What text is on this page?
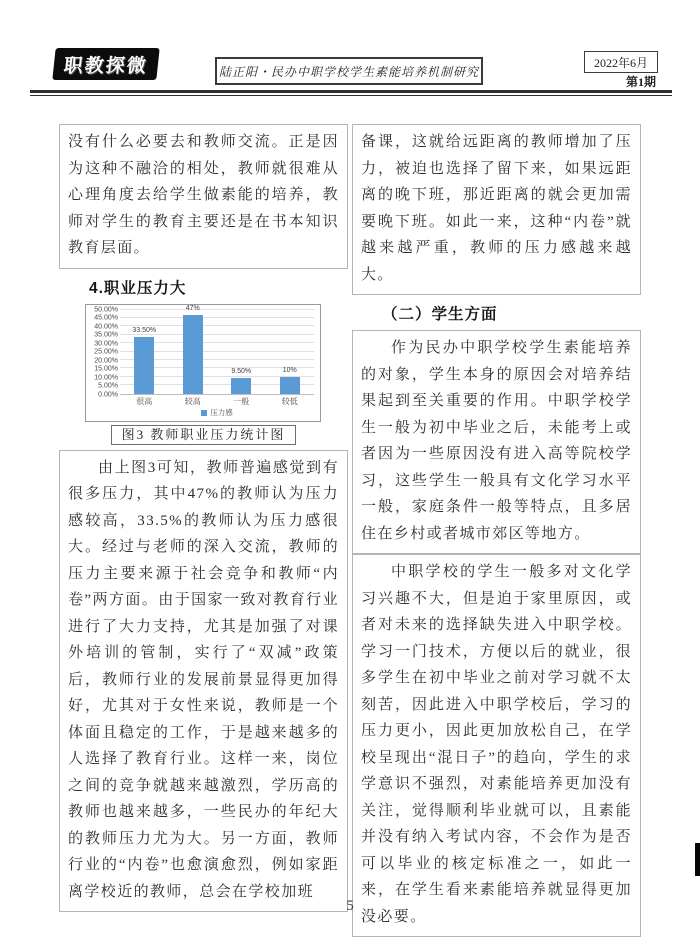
职教探微	陆正阳・民办中职学校学生素能培养机制研究
2022年6月
第1期
没有什么必要去和教师交流。正是因为这种不融洽的相处，教师就很难从心理角度去给学生做素能的培养，教师对学生的教育主要还是在书本知识教育层面。
4.职业压力大
0.00%
5.00%
10.00%
15.00%
20.00%
25.00%
30.00%
35.00%
40.00%
45.00%
50.00%
33.50%
47%
9.50%	10%
很高	较高	一般	较低
压力感
图3 教师职业压力统计图
由上图3可知，教师普遍感觉到有很多压力，其中47%的教师认为压力感较高，33.5%的教师认为压力感很大。经过与老师的深入交流，教师的压力主要来源于社会竞争和教师“内卷”两方面。由于国家一致对教育行业进行了大力支持，尤其是加强了对课外培训的管制，实行了“双减”政策后，教师行业的发展前景显得更加得好，尤其对于女性来说，教师是一个体面且稳定的工作，于是越来越多的人选择了教育行业。这样一来，岗位之间的竞争就越来越激烈，学历高的教师也越来越多，一些民办的年纪大的教师压力尤为大。另一方面，教师行业的“内卷”也愈演愈烈，例如家距离学校近的教师，总会在学校加班
备课，这就给远距离的教师增加了压力，被迫也选择了留下来，如果远距离的晚下班，那近距离的就会更加需要晚下班。如此一来，这种“内卷”就越来越严重，教师的压力感越来越大。
（二）学生方面
作为民办中职学校学生素能培养的对象，学生本身的原因会对培养结果起到至关重要的作用。中职学校学生一般为初中毕业之后，未能考上或者因为一些原因没有进入高等院校学习，这些学生一般具有文化学习水平一般，家庭条件一般等特点，且多居住在乡村或者城市郊区等地方。
中职学校的学生一般多对文化学习兴趣不大，但是迫于家里原因，或者对未来的选择缺失进入中职学校。学习一门技术，方便以后的就业，很多学生在初中毕业之前对学习就不太刻苦，因此进入中职学校后，学习的压力更小，因此更加放松自己，在学校呈现出“混日子”的趋向，学生的求学意识不强烈，对素能培养更加没有关注，觉得顺利毕业就可以，且素能并没有纳入考试内容，不会作为是否可以毕业的核定标准之一，如此一来，在学生看来素能培养就显得更加没必要。
5
